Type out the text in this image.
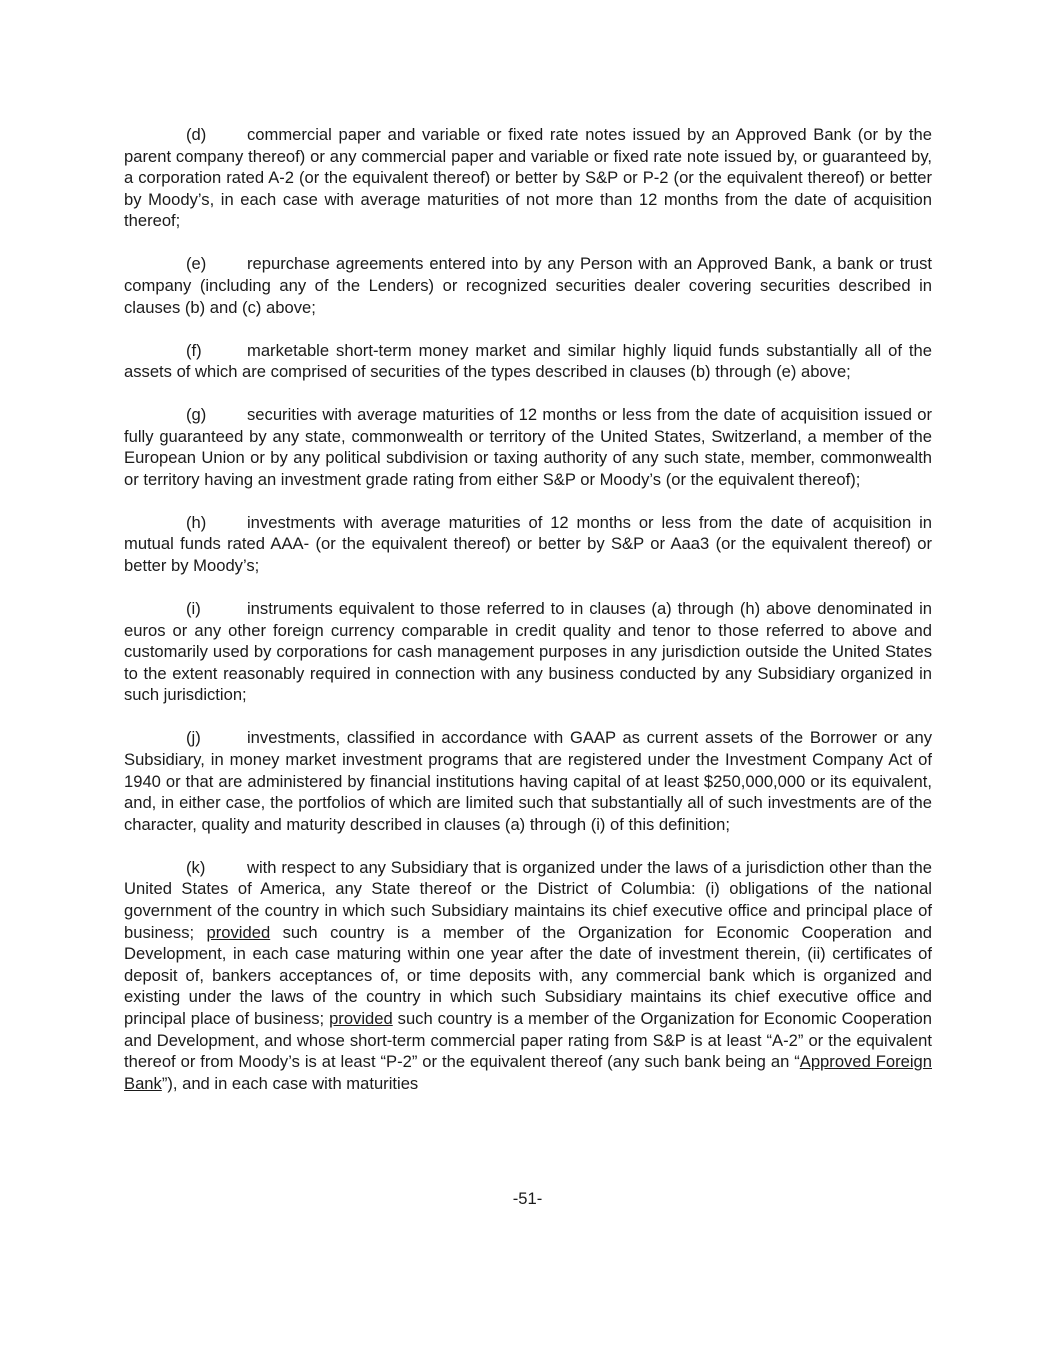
(d) commercial paper and variable or fixed rate notes issued by an Approved Bank (or by the parent company thereof) or any commercial paper and variable or fixed rate note issued by, or guaranteed by, a corporation rated A-2 (or the equivalent thereof) or better by S&P or P-2 (or the equivalent thereof) or better by Moody’s, in each case with average maturities of not more than 12 months from the date of acquisition thereof;

(e) repurchase agreements entered into by any Person with an Approved Bank, a bank or trust company (including any of the Lenders) or recognized securities dealer covering securities described in clauses (b) and (c) above;

(f)	marketable short-term money market and similar highly liquid funds substantially all of the assets of which are comprised of securities of the types described in clauses (b) through (e) above;

(g) securities with average maturities of 12 months or less from the date of acquisition issued or fully guaranteed by any state, commonwealth or territory of the United States, Switzerland, a member of the European Union or by any political subdivision or taxing authority of any such state, member, commonwealth or territory having an investment grade rating from either S&P or Moody’s (or the equivalent thereof);

(h) investments with average maturities of 12 months or less from the date of acquisition in mutual funds rated AAA- (or the equivalent thereof) or better by S&P or Aaa3 (or the equivalent thereof) or better by Moody’s;

(i)	instruments equivalent to those referred to in clauses (a) through (h) above denominated in euros or any other foreign currency comparable in credit quality and tenor to those referred to above and customarily used by corporations for cash management purposes in any jurisdiction outside the United States to the extent reasonably required in connection with any business conducted by any Subsidiary organized in such jurisdiction;

(j)	investments, classified in accordance with GAAP as current assets of the Borrower or any Subsidiary, in money market investment programs that are registered under the Investment Company Act of 1940 or that are administered by financial institutions having capital of at least $250,000,000 or its equivalent, and, in either case, the portfolios of which are limited such that substantially all of such investments are of the character, quality and maturity described in clauses (a) through (i) of this definition;

(k)	with respect to any Subsidiary that is organized under the laws of a jurisdiction other than the United States of America, any State thereof or the District of Columbia: (i) obligations of the national government of the country in which such Subsidiary maintains its chief executive office and principal place of business; provided such country is a member of the Organization for Economic Cooperation and Development, in each case maturing within one year after the date of investment therein, (ii) certificates of deposit of, bankers acceptances of, or time deposits with, any commercial bank which is organized and existing under the laws of the country in which such Subsidiary maintains its chief executive office and principal place of business; provided such country is a member of the Organization for Economic Cooperation and Development, and whose short-term commercial paper rating from S&P is at least “A-2” or the equivalent thereof or from Moody’s is at least “P-2” or the equivalent thereof (any such bank being an “Approved Foreign Bank”), and in each case with maturities

-51-
